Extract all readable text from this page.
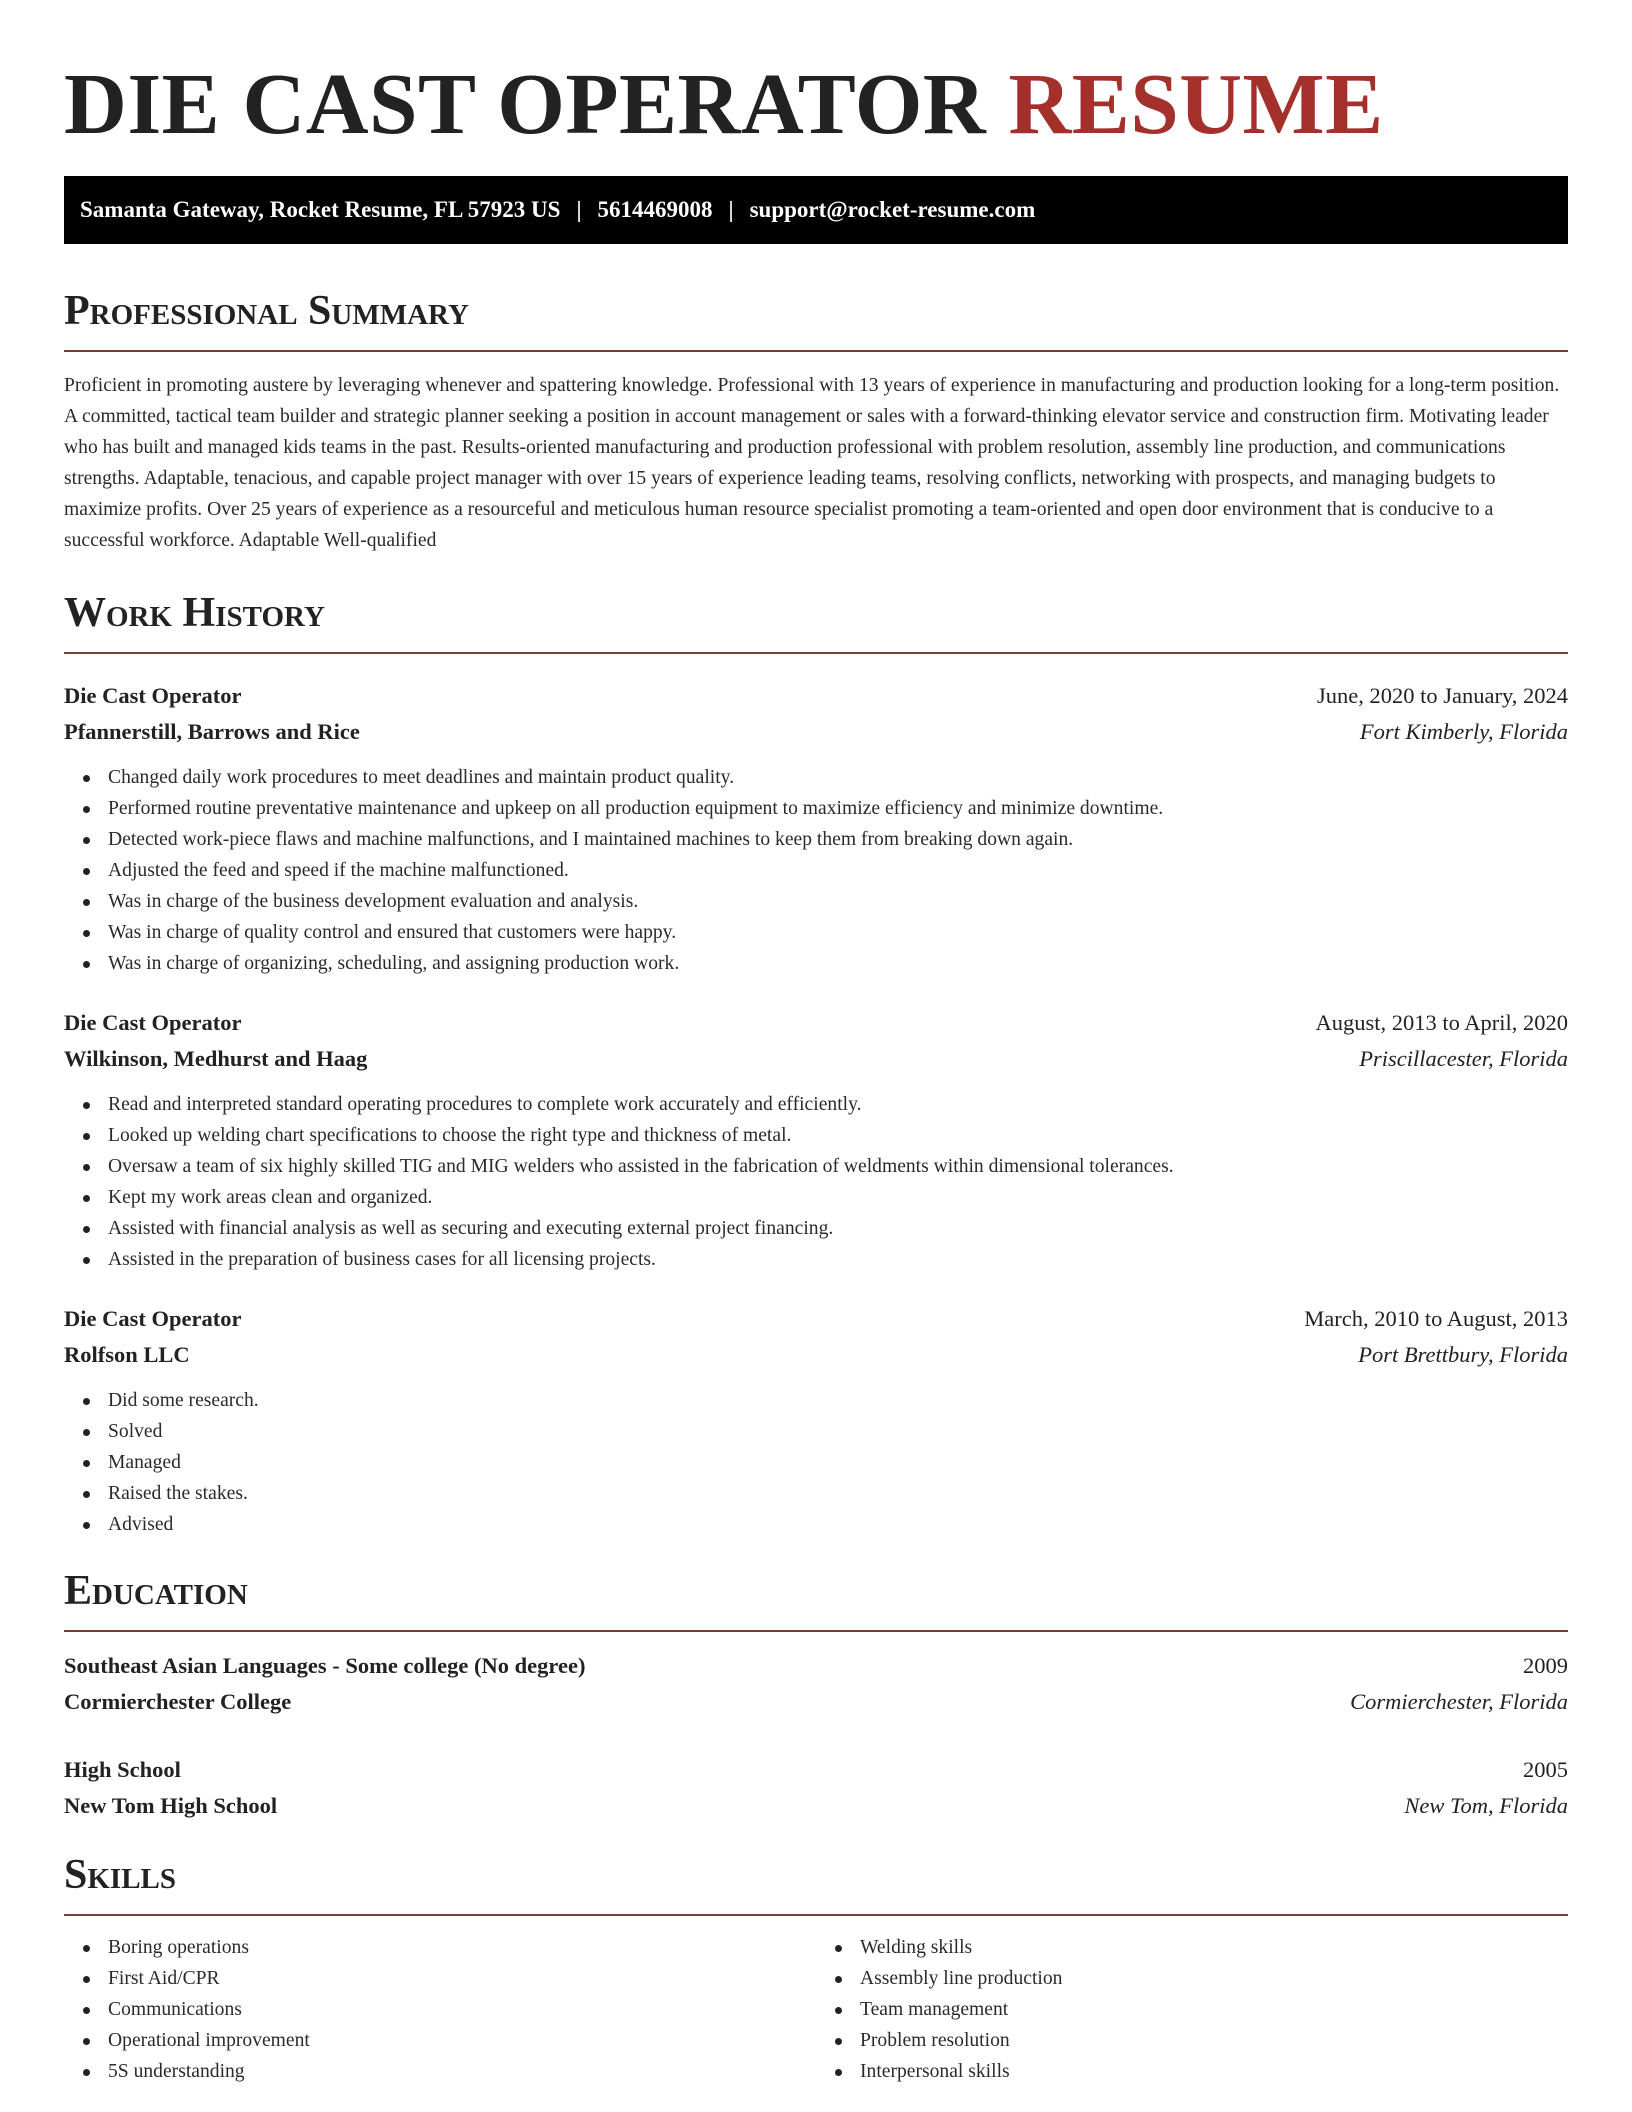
DIE CAST OPERATOR RESUME
Samanta Gateway, Rocket Resume, FL 57923 US | 5614469008 | support@rocket-resume.com
Professional Summary

Proficient in promoting austere by leveraging whenever and spattering knowledge. Professional with 13 years of experience in manufacturing and production looking for a long-term position. A committed, tactical team builder and strategic planner seeking a position in account management or sales with a forward-thinking elevator service and construction firm. Motivating leader who has built and managed kids teams in the past. Results-oriented manufacturing and production professional with problem resolution, assembly line production, and communications strengths. Adaptable, tenacious, and capable project manager with over 15 years of experience leading teams, resolving conflicts, networking with prospects, and managing budgets to maximize profits. Over 25 years of experience as a resourceful and meticulous human resource specialist promoting a team-oriented and open door environment that is conducive to a successful workforce. Adaptable Well-qualified

Work History
Die Cast Operator	June, 2020 to January, 2024
Pfannerstill, Barrows and Rice	Fort Kimberly, Florida
Changed daily work procedures to meet deadlines and maintain product quality.
Performed routine preventative maintenance and upkeep on all production equipment to maximize efficiency and minimize downtime.
Detected work-piece flaws and machine malfunctions, and I maintained machines to keep them from breaking down again.
Adjusted the feed and speed if the machine malfunctioned.
Was in charge of the business development evaluation and analysis.
Was in charge of quality control and ensured that customers were happy.
Was in charge of organizing, scheduling, and assigning production work.
Die Cast Operator	August, 2013 to April, 2020
Wilkinson, Medhurst and Haag	Priscillacester, Florida
Read and interpreted standard operating procedures to complete work accurately and efficiently.
Looked up welding chart specifications to choose the right type and thickness of metal.
Oversaw a team of six highly skilled TIG and MIG welders who assisted in the fabrication of weldments within dimensional tolerances.
Kept my work areas clean and organized.
Assisted with financial analysis as well as securing and executing external project financing.
Assisted in the preparation of business cases for all licensing projects.
Die Cast Operator	March, 2010 to August, 2013
Rolfson LLC	Port Brettbury, Florida
Did some research.
Solved
Managed
Raised the stakes.
Advised
Education
Southeast Asian Languages - Some college (No degree)	2009
Cormierchester College	Cormierchester, Florida
High School	2005
New Tom High School	New Tom, Florida
Skills
Boring operations
First Aid/CPR
Communications
Operational improvement
5S understanding
Welding skills
Assembly line production
Team management
Problem resolution
Interpersonal skills
